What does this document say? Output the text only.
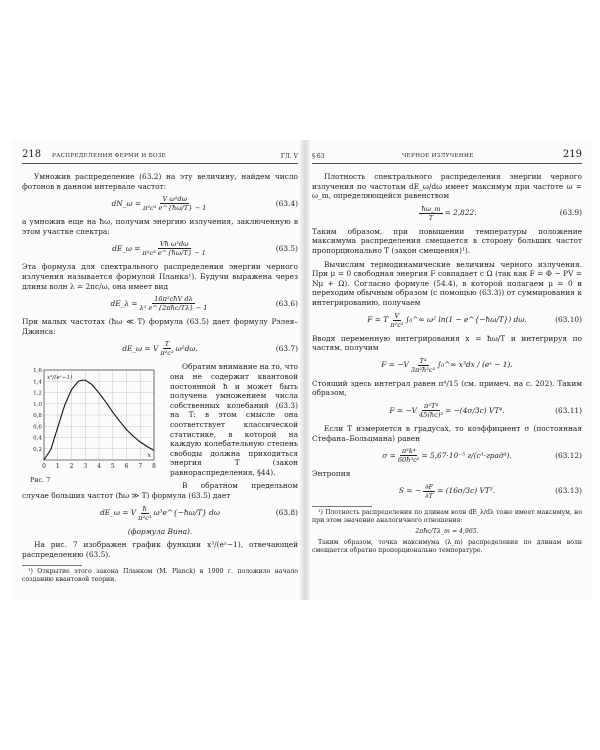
218 РАСПРЕДЕЛЕНИЯ ФЕРМИ И БОЗЕ	ГЛ. V

Умножив распределение (63.2) на эту величину, найдем число фотонов в данном интервале частот:

dN_ω = $\frac{\text{V ω²dω}}{\text{π²c³ e\textasciicircum{}\{ħω/T\} − 1}}$	(63.4)

а умножив еще на ħω, получим энергию излучения, заключенную в этом участке спектра:

dE_ω = $\frac{\text{Vħ ω³dω}}{\text{π²c³ e\textasciicircum{}\{ħω/T\} − 1}}$	(63.5)

Эта формула для спектрального распределения энергии черного излучения называется формулой Планка¹). Будучи выражена через длины волн λ = 2πc/ω, она имеет вид

dE_λ = $\frac{\text{16π²cħV dλ}}{\text{λ⁵ e\textasciicircum{}\{2πħc/Tλ\} − 1}}$	(63.6)

При малых частотах (ħω ≪ T) формула (63.5) дает формулу Рэлея–Джинса:

dE_ω = V $\frac{T}{\text{π²c³}} \omega^2d\omega$.	(63.7)
0 1 2 3 4 5 6 7 8
0,2
0,4
0,6
0,8
1,0
1,2
1,4
1,6
x
x³/(eˣ−1)
Рис. 7

Обратим внимание на то, что она не содержит квантовой постоянной ħ и может быть получена умножением числа собственных колебаний (63.3) на T: в этом смысле она соответствует классической статистике, в которой на каждую колебательную степень свободы должна приходиться энергия T (закон равнораспределения, §44).

В обратном предельном случае больших частот (ħω ≫ T) формула (63.5) дает

dE_ω = V $\frac{ħ}{\text{π²c³}}$ ω³e^{−ħω/T} dω	(63.8)

(формула Вина).

На рис. 7 изображен график функции x³/(eˣ−1), отвечающей распределению (63.5).

¹) Открытие этого закона Планком (M. Planck) в 1900 г. положило начало созданию квантовой теории.

§ 63	ЧЕРНОЕ ИЗЛУЧЕНИЕ	219

Плотность спектрального распределения энергии черного излучения по частотам dE_ω/dω имеет максимум при частоте ω = ω_m, определяющейся равенством

$\frac{ħ\omega\_m}{T} = 2,822$.	(63.9)

Таким образом, при повышении температуры положение максимума распределения смещается в сторону больших частот пропорционально T (закон смещения)¹).

Вычислим термодинамические величины черного излучения. При μ = 0 свободная энергия F совпадает с Ω (так как F = Φ − PV = Nμ + Ω). Согласно формуле (54.4), в которой полагаем μ = 0 и переходим обычным образом (с помощью (63.3)) от суммирования к интегрированию, получаем

F = T $\frac{V}{\text{π²c³}}$ ∫₀^∞ ω² ln(1 − e^{−ħω/T}) dω.	(63.10)

Вводя переменную интегрирования x = ħω/T и интегрируя по частям, получим

$F = -V \frac{\text{T⁴}}{\text{3π²ħ³c³}}$ ∫₀^∞ x³dx / (eˣ − 1).

Стоящий здесь интеграл равен π⁴/15 (см. примеч. на с. 202). Таким образом,

$F = -V \frac{\text{π²T⁴}}{\text{45(ħc)³}} = -(4\sigma/3c)$ VT⁴.	(63.11)

Если T измеряется в градусах, то коэффициент σ (постоянная Стефана–Больцмана) равен

$\sigma = \frac{\text{π²k⁴}}{\text{60ħ³c²}} = 5,67\cdot 10^{-5}$ г/(с³·град⁴).	(63.12)

Энтропия

S = − $\frac{\partial F}{\partial T} = (16\sigma/3c)$ VT³.	(63.13)

¹) Плотность распределения по длинам волн dE_λ/dλ тоже имеет максимум, но при этом значение аналогичного отношения:

2πħc/Tλ_m = 4,965.

Таким образом, точка максимума (λ_m) распределения по длинам волн смещается обратно пропорционально температуре.
